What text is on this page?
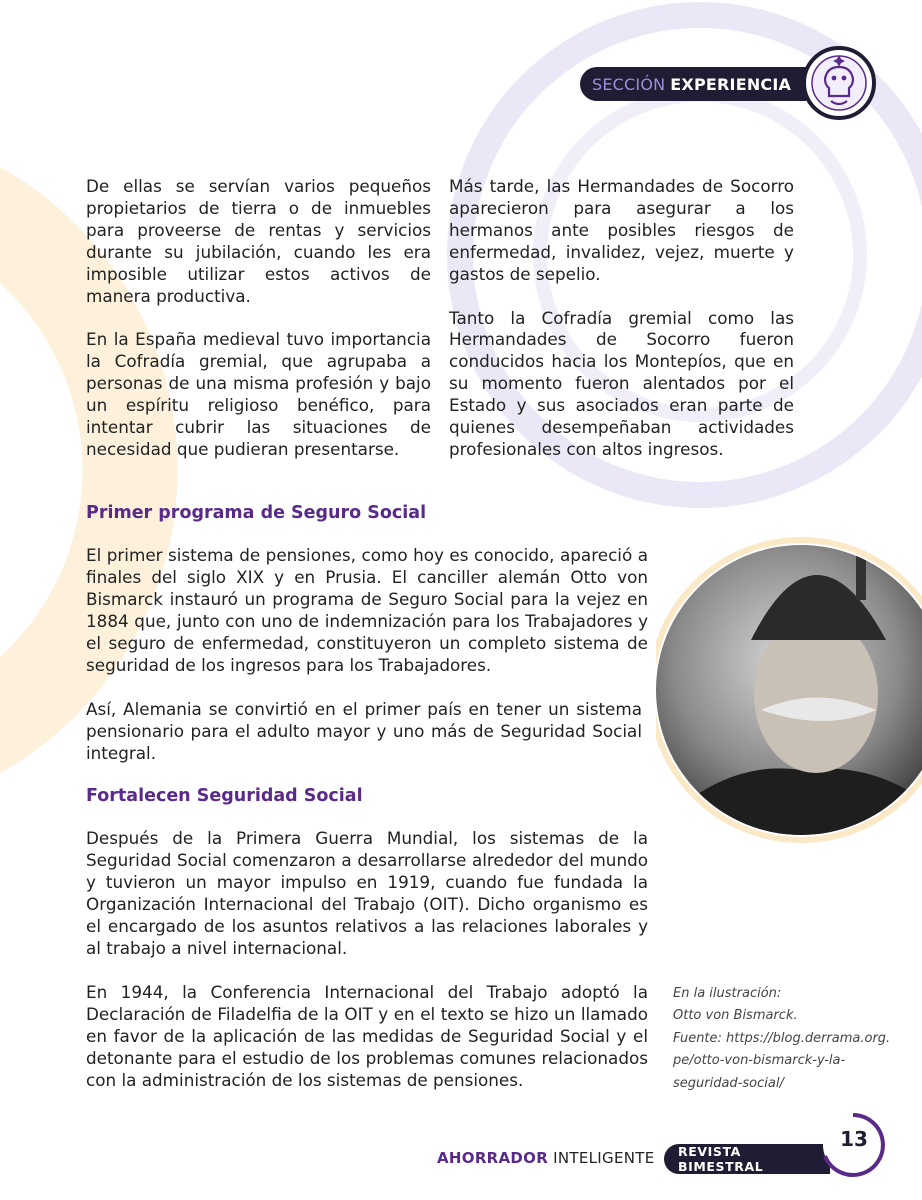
SECCIÓN EXPERIENCIA

De ellas se servían varios pequeños propietarios de tierra o de inmuebles para proveerse de rentas y servicios durante su jubilación, cuando les era imposible utilizar estos activos de manera productiva.

En la España medieval tuvo importancia la Cofradía gremial, que agrupaba a personas de una misma profesión y bajo un espíritu religioso benéfico, para intentar cubrir las situaciones de necesidad que pudieran presentarse.

Más tarde, las Hermandades de Socorro aparecieron para asegurar a los hermanos ante posibles riesgos de enfermedad, invalidez, vejez, muerte y gastos de sepelio.

Tanto la Cofradía gremial como las Hermandades de Socorro fueron conducidos hacia los Montepíos, que en su momento fueron alentados por el Estado y sus asociados eran parte de quienes desempeñaban actividades profesionales con altos ingresos.

Primer programa de Seguro Social

El primer sistema de pensiones, como hoy es conocido, apareció a finales del siglo XIX y en Prusia. El canciller alemán Otto von Bismarck instauró un programa de Seguro Social para la vejez en 1884 que, junto con uno de indemnización para los Trabajadores y el seguro de enfermedad, constituyeron un completo sistema de seguridad de los ingresos para los Trabajadores.

Así, Alemania se convirtió en el primer país en tener un sistema pensionario para el adulto mayor y uno más de Seguridad Social integral.

Fortalecen Seguridad Social

Después de la Primera Guerra Mundial, los sistemas de la Seguridad Social comenzaron a desarrollarse alrededor del mundo y tuvieron un mayor impulso en 1919, cuando fue fundada la Organización Internacional del Trabajo (OIT). Dicho organismo es el encargado de los asuntos relativos a las relaciones laborales y al trabajo a nivel internacional.

En 1944, la Conferencia Internacional del Trabajo adoptó la Declaración de Filadelfia de la OIT y en el texto se hizo un llamado en favor de la aplicación de las medidas de Seguridad Social y el detonante para el estudio de los problemas comunes relacionados con la administración de los sistemas de pensiones.

En la ilustración:
Otto von Bismarck.
Fuente: https://blog.derrama.org.
pe/otto-von-bismarck-y-la-
seguridad-social/
AHORRADOR INTELIGENTE	REVISTA BIMESTRAL
13
